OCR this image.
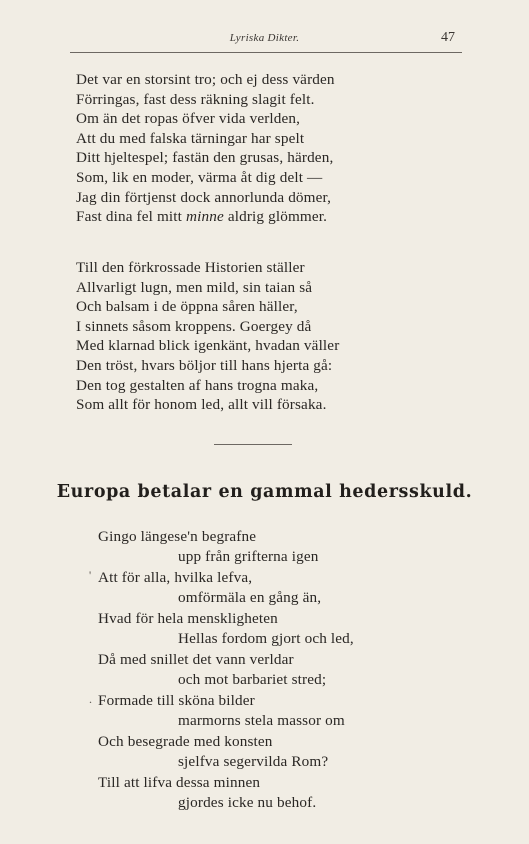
Lyriska Dikter.	47
Det var en storsint tro; och ej dess värden
Förringas, fast dess räkning slagit felt.
Om än det ropas öfver vida verlden,
Att du med falska tärningar har spelt
Ditt hjeltespel; fastän den grusas, härden,
Som, lik en moder, värma åt dig delt —
Jag din förtjenst dock annorlunda dömer,
Fast dina fel mitt minne aldrig glömmer.
Till den förkrossade Historien ställer
Allvarligt lugn, men mild, sin taian så
Och balsam i de öppna såren häller,
I sinnets såsom kroppens. Goergey då
Med klarnad blick igenkänt, hvadan väller
Den tröst, hvars böljor till hans hjerta gå:
Den tog gestalten af hans trogna maka,
Som allt för honom led, allt vill försaka.
Europa betalar en gammal hedersskuld.
Gingo längese'n begrafne
upp från grifterna igen
' Att för alla, hvilka lefva,
omförmäla en gång än,
Hvad för hela menskligheten
Hellas fordom gjort och led,
Då med snillet det vann verldar
och mot barbariet stred;
. Formade till sköna bilder
marmorns stela massor om
Och besegrade med konsten
sjelfva segervilda Rom?
Till att lifva dessa minnen
gjordes icke nu behof.
